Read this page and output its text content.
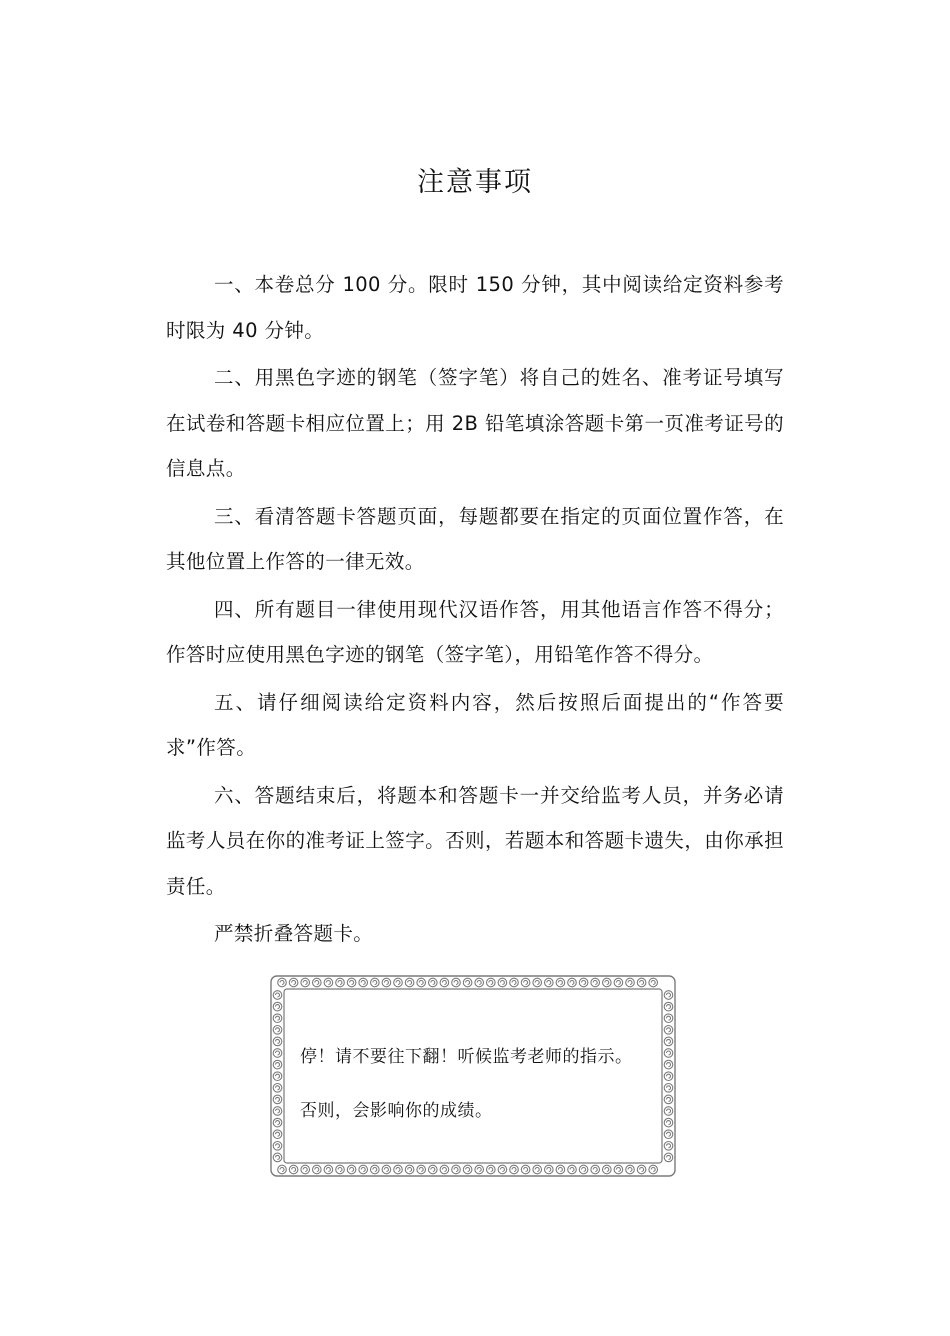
注意事项

一、本卷总分 100 分。限时 150 分钟，其中阅读给定资料参考时限为 40 分钟。

二、用黑色字迹的钢笔（签字笔）将自己的姓名、准考证号填写在试卷和答题卡相应位置上；用 2B 铅笔填涂答题卡第一页准考证号的信息点。

三、看清答题卡答题页面，每题都要在指定的页面位置作答，在其他位置上作答的一律无效。

四、所有题目一律使用现代汉语作答，用其他语言作答不得分；作答时应使用黑色字迹的钢笔（签字笔），用铅笔作答不得分。

五、请仔细阅读给定资料内容，然后按照后面提出的“作答要求”作答。

六、答题结束后，将题本和答题卡一并交给监考人员，并务必请监考人员在你的准考证上签字。否则，若题本和答题卡遗失，由你承担责任。

严禁折叠答题卡。

停！请不要往下翻！听候监考老师的指示。

否则，会影响你的成绩。
